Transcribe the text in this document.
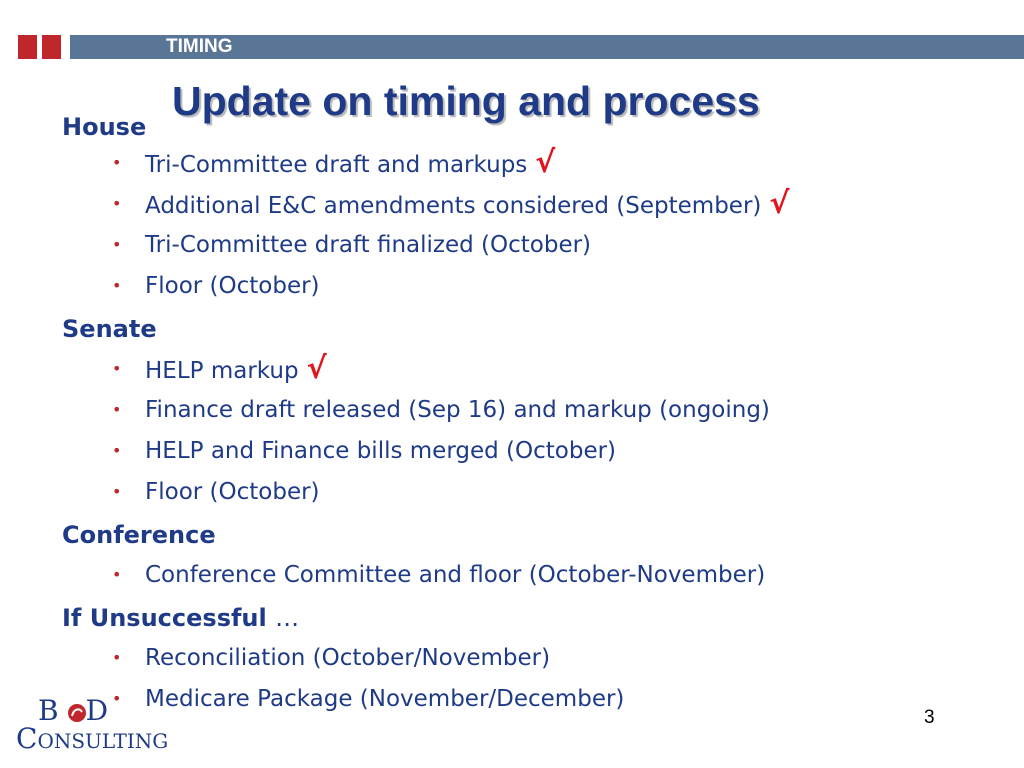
TIMING
Update on timing and process
House
• Tri-Committee draft and markups √
• Additional E&C amendments considered (September) √
• Tri-Committee draft finalized (October)
• Floor (October)
Senate
• HELP markup √
• Finance draft released (Sep 16) and markup (ongoing)
• HELP and Finance bills merged (October)
• Floor (October)
Conference
• Conference Committee and floor (October-November)
If Unsuccessful …
• Reconciliation (October/November)
• Medicare Package (November/December)
B D
CONSULTING
3
